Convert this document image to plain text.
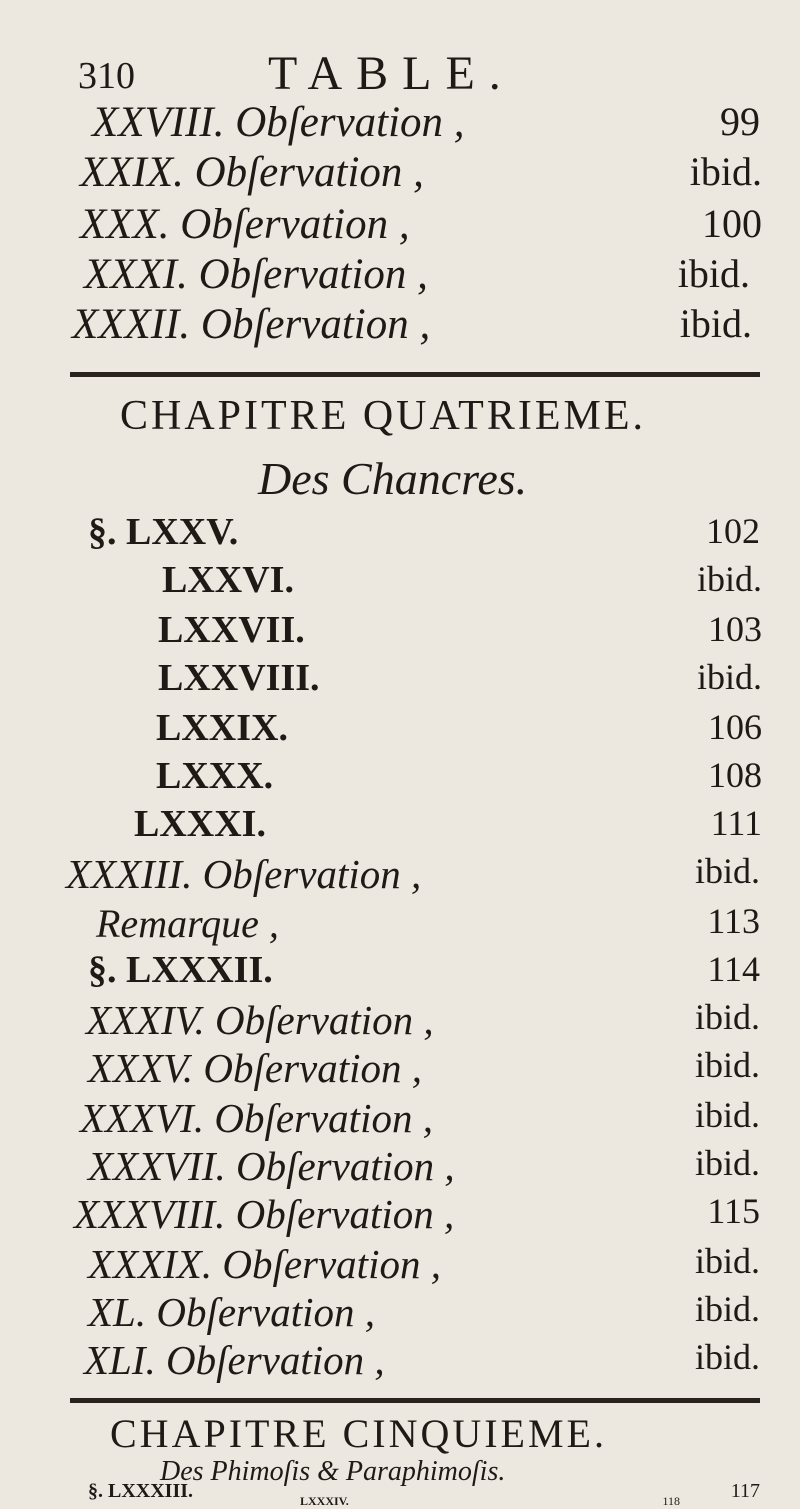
310	TABLE.
XXVIII. Obſervation ,	99
XXIX. Obſervation ,	ibid.
XXX. Obſervation ,	100
XXXI. Obſervation ,	ibid.
XXXII. Obſervation ,	ibid.
CHAPITRE QUATRIEME.
Des Chancres.
§. LXXV.	102
LXXVI.	ibid.
LXXVII.	103
LXXVIII.	ibid.
LXXIX.	106
LXXX.	108
LXXXI.	111
XXXIII. Obſervation ,	ibid.
Remarque ,	113
§. LXXXII.	114
XXXIV. Obſervation ,	ibid.
XXXV. Obſervation ,	ibid.
XXXVI. Obſervation ,	ibid.
XXXVII. Obſervation ,	ibid.
XXXVIII. Obſervation ,	115
XXXIX. Obſervation ,	ibid.
XL. Obſervation ,	ibid.
XLI. Obſervation ,	ibid.
CHAPITRE CINQUIEME.
Des Phimoſis & Paraphimoſis.
§. LXXXIII.	117
LXXXIV.	118
